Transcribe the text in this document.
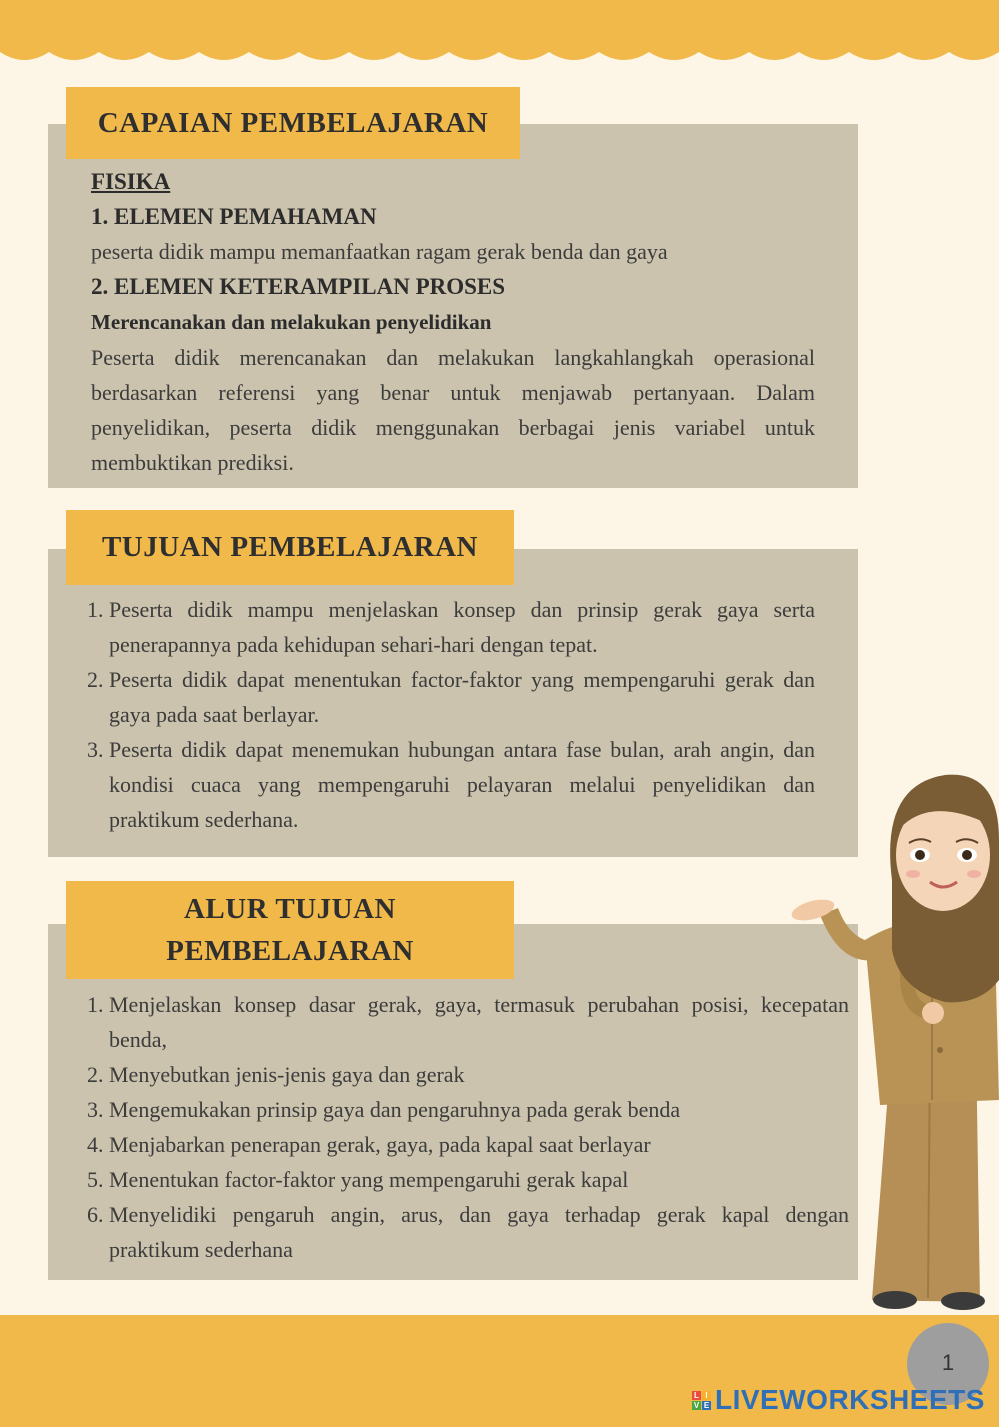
CAPAIAN PEMBELAJARAN
FISIKA
1. ELEMEN PEMAHAMAN
peserta didik mampu memanfaatkan ragam gerak benda dan gaya
2. ELEMEN KETERAMPILAN PROSES
Merencanakan dan melakukan penyelidikan
Peserta didik merencanakan dan melakukan langkahlangkah operasional berdasarkan referensi yang benar untuk menjawab pertanyaan. Dalam penyelidikan, peserta didik menggunakan berbagai jenis variabel untuk membuktikan prediksi.
TUJUAN PEMBELAJARAN
1. Peserta didik mampu menjelaskan konsep dan prinsip gerak gaya serta penerapannya pada kehidupan sehari-hari dengan tepat.
2. Peserta didik dapat menentukan factor-faktor yang mempengaruhi gerak dan gaya pada saat berlayar.
3. Peserta didik dapat menemukan hubungan antara fase bulan, arah angin, dan kondisi cuaca yang mempengaruhi pelayaran melalui penyelidikan dan praktikum sederhana.
ALUR TUJUAN
PEMBELAJARAN
1. Menjelaskan konsep dasar gerak, gaya, termasuk perubahan posisi, kecepatan benda,
2. Menyebutkan jenis-jenis gaya dan gerak
3. Mengemukakan prinsip gaya dan pengaruhnya pada gerak benda
4. Menjabarkan penerapan gerak, gaya, pada kapal saat berlayar
5. Menentukan factor-faktor yang mempengaruhi gerak kapal
6. Menyelidiki pengaruh angin, arus, dan gaya terhadap gerak kapal dengan praktikum sederhana
1
L I
V E LIVEWORKSHEETS
